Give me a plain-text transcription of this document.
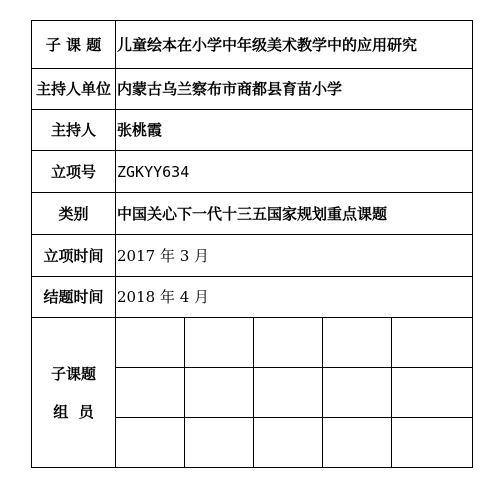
子 课 题	儿童绘本在小学中年级美术教学中的应用研究				
主持人单位	内蒙古乌兰察布市商都县育苗小学				
主持人	张桃霞				
立项号	ZGKYY634				
类别	中国关心下一代十三五国家规划重点课题				
立项时间	2017 年 3 月				
结题时间	2018 年 4 月				

子课题
组  员					
